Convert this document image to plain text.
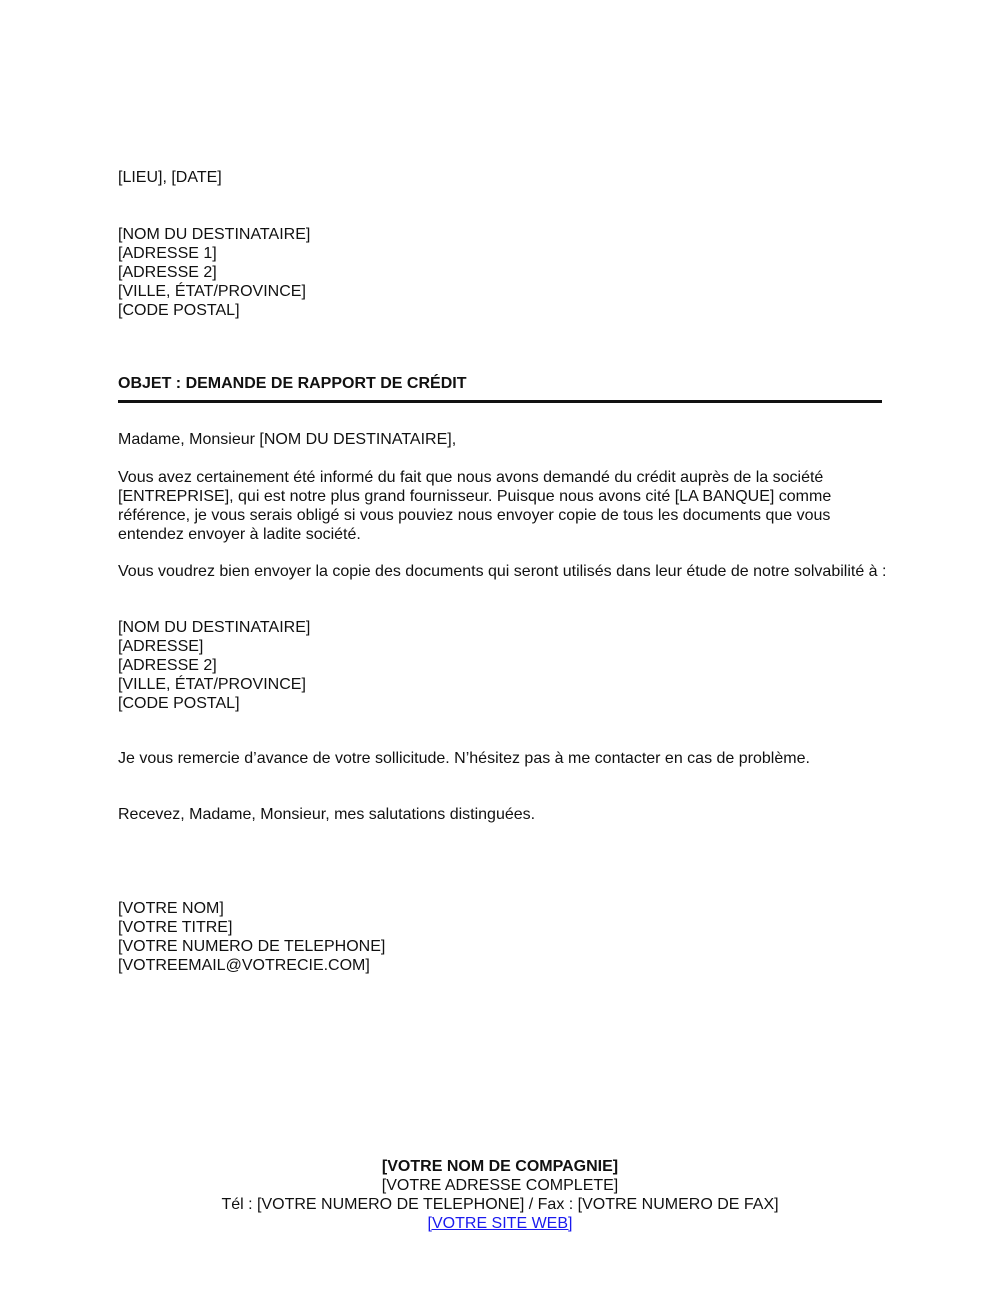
[LIEU], [DATE]
[NOM DU DESTINATAIRE]
[ADRESSE 1]
[ADRESSE 2]
[VILLE, ÉTAT/PROVINCE]
[CODE POSTAL]
OBJET : DEMANDE DE RAPPORT DE CRÉDIT
Madame, Monsieur [NOM DU DESTINATAIRE],
Vous avez certainement été informé du fait que nous avons demandé du crédit auprès de la société [ENTREPRISE], qui est notre plus grand fournisseur. Puisque nous avons cité [LA BANQUE] comme référence, je vous serais obligé si vous pouviez nous envoyer copie de tous les documents que vous entendez envoyer à ladite société.
Vous voudrez bien envoyer la copie des documents qui seront utilisés dans leur étude de notre solvabilité à :
[NOM DU DESTINATAIRE]
[ADRESSE]
[ADRESSE 2]
[VILLE, ÉTAT/PROVINCE]
[CODE POSTAL]
Je vous remercie d’avance de votre sollicitude. N’hésitez pas à me contacter en cas de problème.
Recevez, Madame, Monsieur, mes salutations distinguées.
[VOTRE NOM]
[VOTRE TITRE]
[VOTRE NUMERO DE TELEPHONE]
[VOTREEMAIL@VOTRECIE.COM]
[VOTRE NOM DE COMPAGNIE]
[VOTRE ADRESSE COMPLETE]
Tél : [VOTRE NUMERO DE TELEPHONE] / Fax : [VOTRE NUMERO DE FAX]
[VOTRE SITE WEB]
